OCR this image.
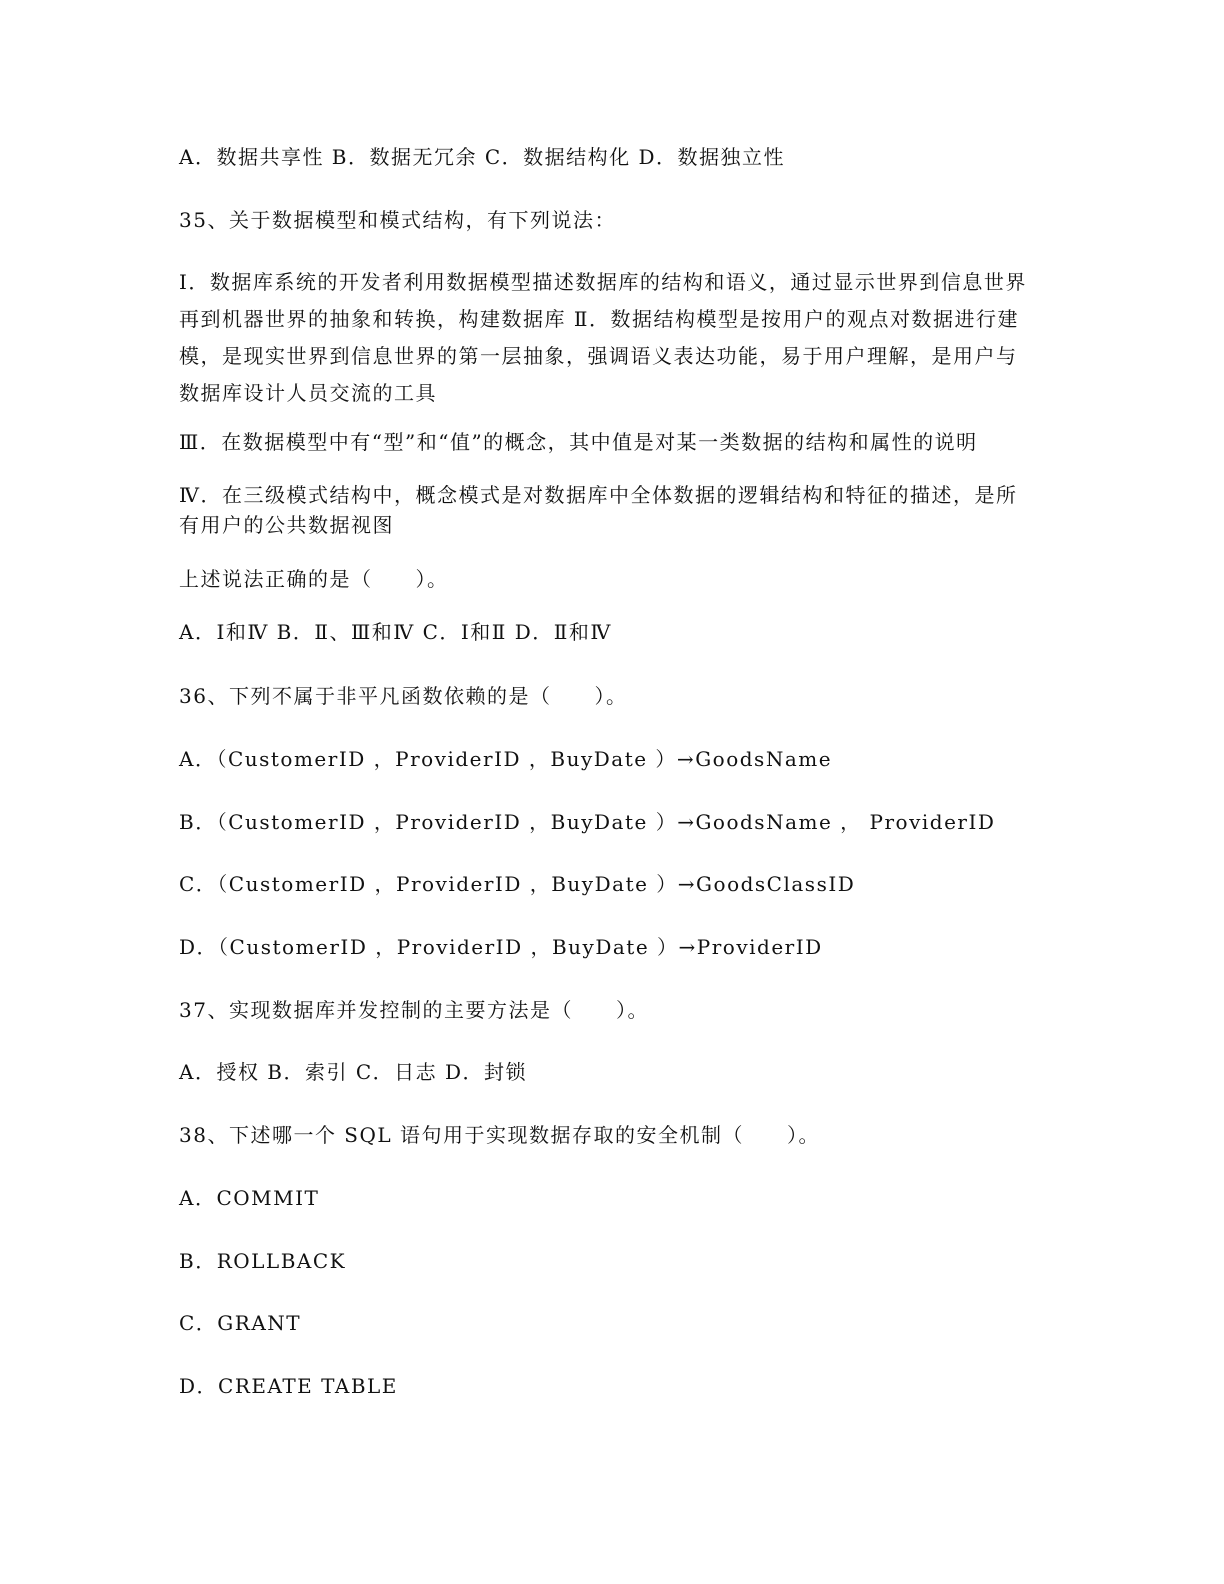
A．数据共享性 B．数据无冗余 C．数据结构化 D．数据独立性
35、关于数据模型和模式结构，有下列说法：
Ⅰ．数据库系统的开发者利用数据模型描述数据库的结构和语义，通过显示世界到信息世界再到机器世界的抽象和转换，构建数据库 Ⅱ．数据结构模型是按用户的观点对数据进行建模，是现实世界到信息世界的第一层抽象，强调语义表达功能，易于用户理解，是用户与数据库设计人员交流的工具
Ⅲ．在数据模型中有“型”和“值”的概念，其中值是对某一类数据的结构和属性的说明
Ⅳ．在三级模式结构中，概念模式是对数据库中全体数据的逻辑结构和特征的描述，是所有用户的公共数据视图
上述说法正确的是（　　）。
A．Ⅰ和Ⅳ B．Ⅱ、Ⅲ和Ⅳ C．Ⅰ和Ⅱ D．Ⅱ和Ⅳ
36、下列不属于非平凡函数依赖的是（　　）。
A．（CustomerID ，ProviderID ，BuyDate ）→GoodsName
B．（CustomerID ，ProviderID ，BuyDate ）→GoodsName ， ProviderID
C．（CustomerID ，ProviderID ，BuyDate ）→GoodsClassID
D．（CustomerID ，ProviderID ，BuyDate ）→ProviderID
37、实现数据库并发控制的主要方法是（　　）。
A．授权 B．索引 C．日志 D．封锁
38、下述哪一个 SQL 语句用于实现数据存取的安全机制（　　）。
A．COMMIT
B．ROLLBACK
C．GRANT
D．CREATE TABLE
